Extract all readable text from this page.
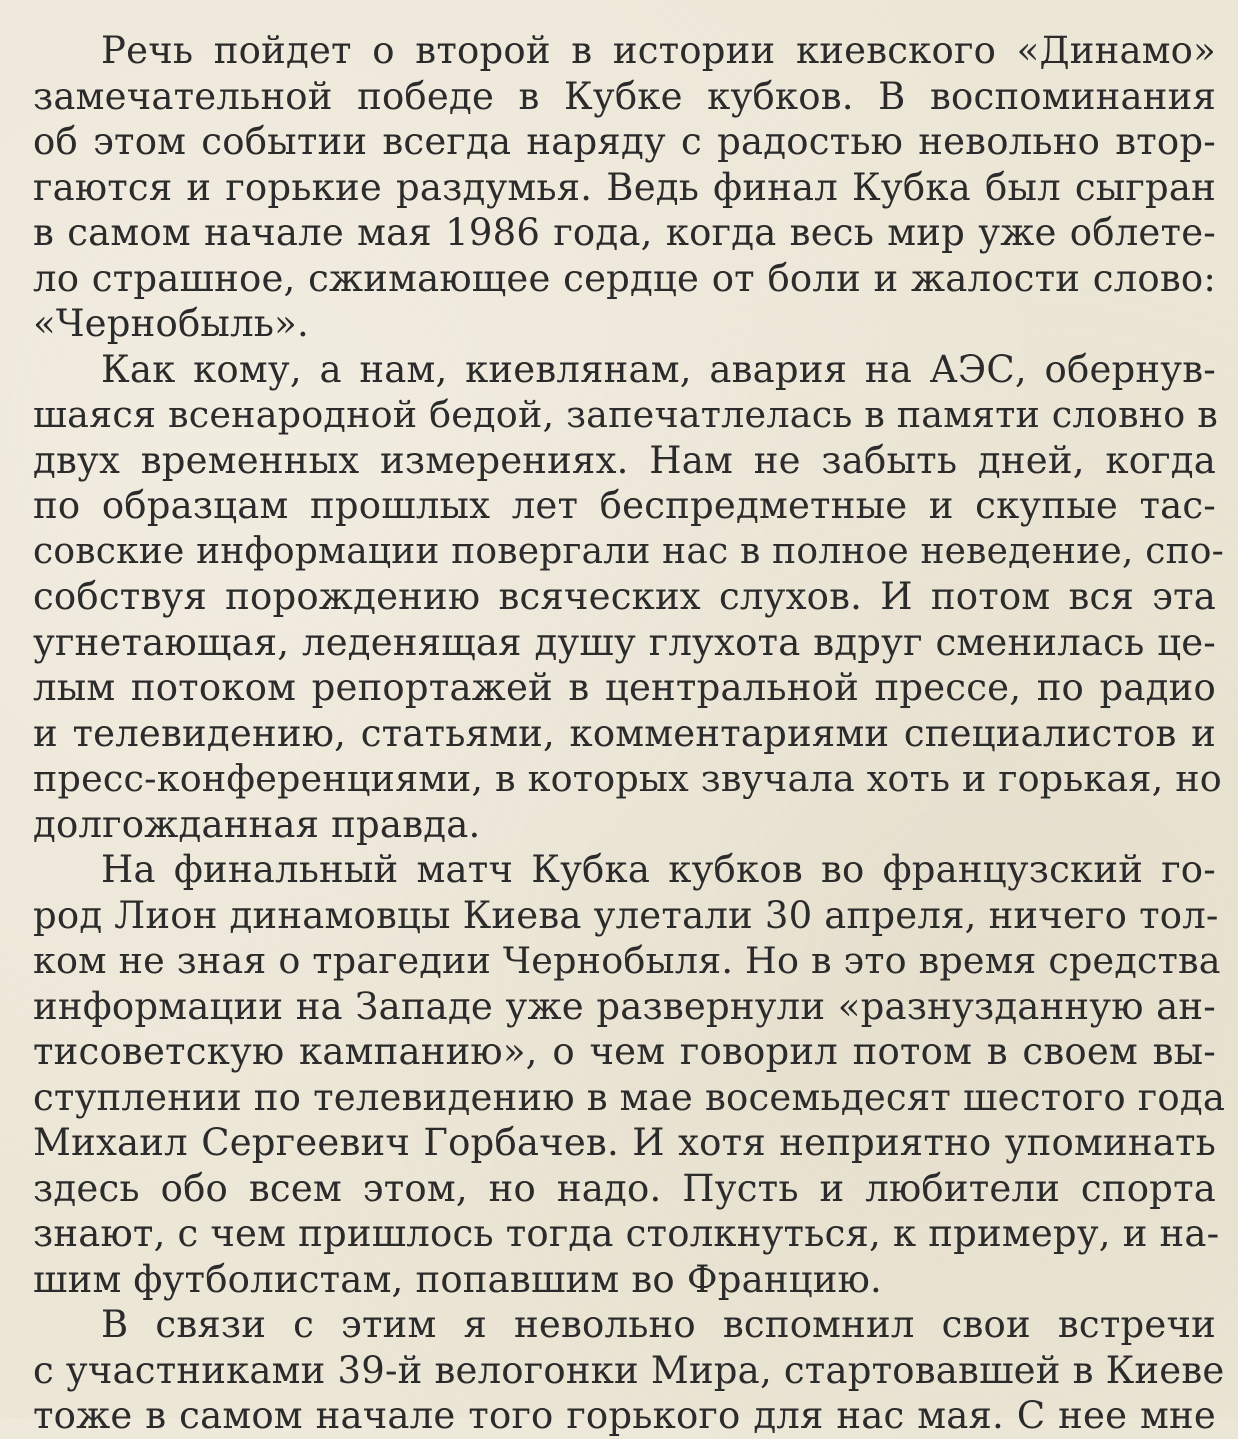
Речь пойдет о второй в истории киевского «Динамо»
замечательной победе в Кубке кубков. В воспоминания
об этом событии всегда наряду с радостью невольно втор-
гаются и горькие раздумья. Ведь финал Кубка был сыгран
в самом начале мая 1986 года, когда весь мир уже облете-
ло страшное, сжимающее сердце от боли и жалости слово:
«Чернобыль».
Как кому, а нам, киевлянам, авария на АЭС, обернув-
шаяся всенародной бедой, запечатлелась в памяти словно в
двух временных измерениях. Нам не забыть дней, когда
по образцам прошлых лет беспредметные и скупые тас-
совские информации повергали нас в полное неведение, спо-
собствуя порождению всяческих слухов. И потом вся эта
угнетающая, леденящая душу глухота вдруг сменилась це-
лым потоком репортажей в центральной прессе, по радио
и телевидению, статьями, комментариями специалистов и
пресс-конференциями, в которых звучала хоть и горькая, но
долгожданная правда.
На финальный матч Кубка кубков во французский го-
род Лион динамовцы Киева улетали 30 апреля, ничего тол-
ком не зная о трагедии Чернобыля. Но в это время средства
информации на Западе уже развернули «разнузданную ан-
тисоветскую кампанию», о чем говорил потом в своем вы-
ступлении по телевидению в мае восемьдесят шестого года
Михаил Сергеевич Горбачев. И хотя неприятно упоминать
здесь обо всем этом, но надо. Пусть и любители спорта
знают, с чем пришлось тогда столкнуться, к примеру, и на-
шим футболистам, попавшим во Францию.
В связи с этим я невольно вспомнил свои встречи
с участниками 39-й велогонки Мира, стартовавшей в Киеве
тоже в самом начале того горького для нас мая. С нее мне
